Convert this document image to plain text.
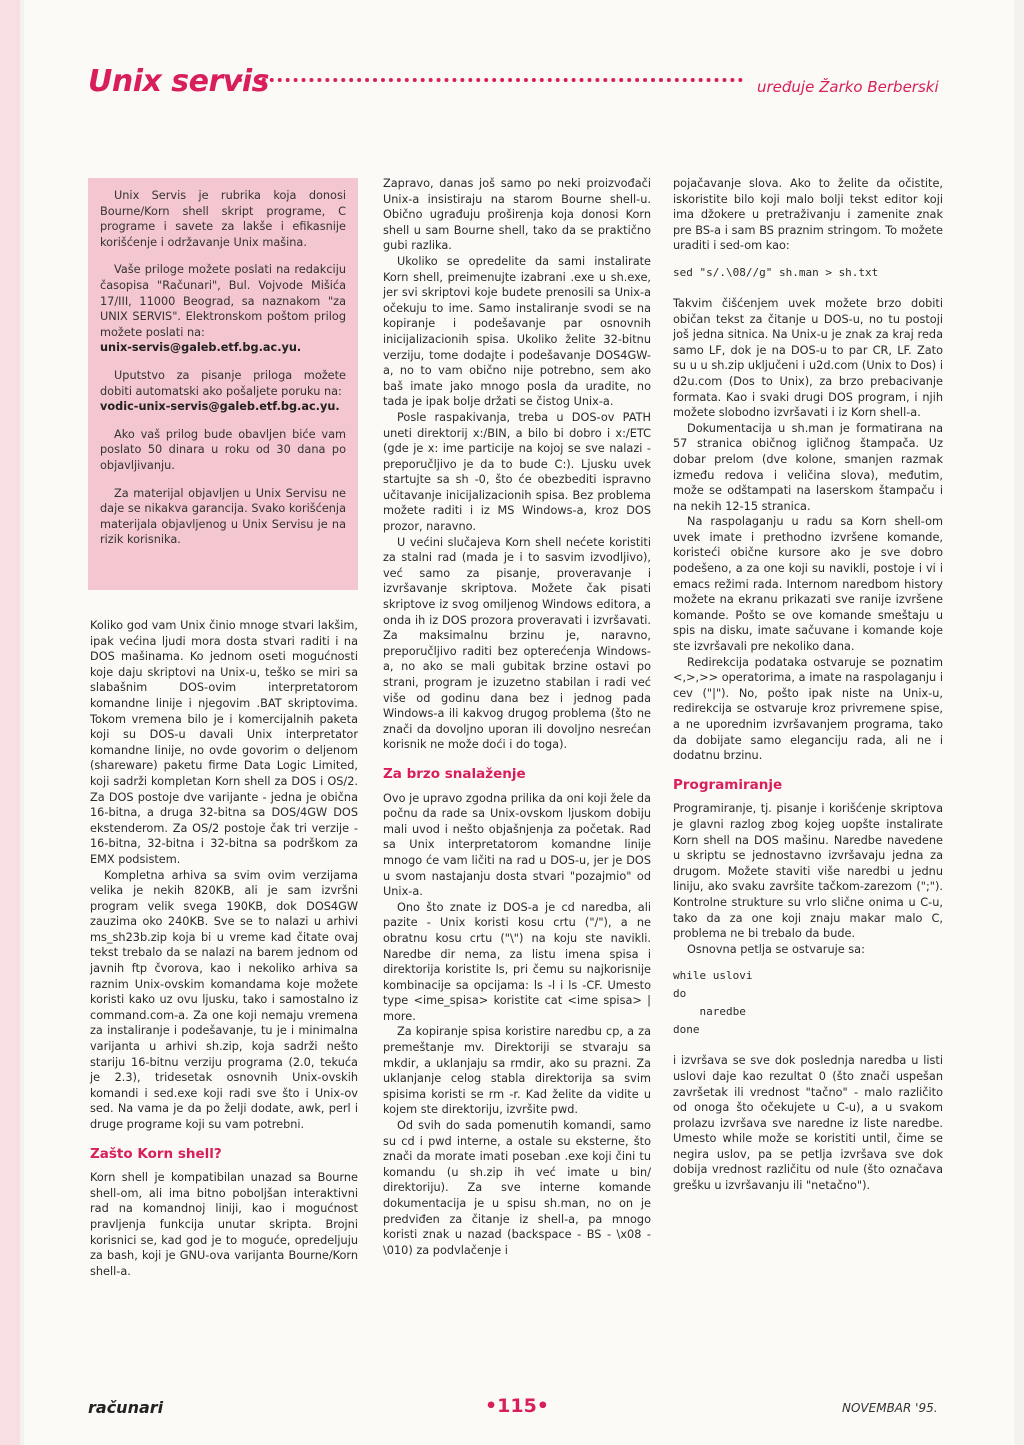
Unix servis	uređuje Žarko Berberski

Unix Servis je rubrika koja donosi Bourne/Korn shell skript programe, C programe i savete za lakše i efikasnije korišćenje i održavanje Unix mašina.

Vaše priloge možete poslati na redakciju časopisa "Računari", Bul. Vojvode Mišića 17/III, 11000 Beograd, sa naznakom "za UNIX SERVIS". Elektronskom poštom prilog možete poslati na:

unix-servis@galeb.etf.bg.ac.yu.

Uputstvo za pisanje priloga možete dobiti automatski ako pošaljete poruku na:

vodic-unix-servis@galeb.etf.bg.ac.yu.

Ako vaš prilog bude obavljen biće vam poslato 50 dinara u roku od 30 dana po objavljivanju.

Za materijal objavljen u Unix Servisu ne daje se nikakva garancija. Svako korišćenja materijala objavljenog u Unix Servisu je na rizik korisnika.

Koliko god vam Unix činio mnoge stvari lakšim, ipak većina ljudi mora dosta stvari raditi i na DOS mašinama. Ko jednom oseti mogućnosti koje daju skriptovi na Unix-u, teško se miri sa slabašnim DOS-ovim interpretatorom komandne linije i njegovim .BAT skriptovima. Tokom vremena bilo je i komercijalnih paketa koji su DOS-u davali Unix interpretator komandne linije, no ovde govorim o deljenom (shareware) paketu firme Data Logic Limited, koji sadrži kompletan Korn shell za DOS i OS/2. Za DOS postoje dve varijante - jedna je obična 16-bitna, a druga 32-bitna sa DOS/4GW DOS ekstenderom. Za OS/2 postoje čak tri verzije - 16-bitna, 32-bitna i 32-bitna sa podrškom za EMX podsistem.

Kompletna arhiva sa svim ovim verzijama velika je nekih 820KB, ali je sam izvršni program velik svega 190KB, dok DOS4GW zauzima oko 240KB. Sve se to nalazi u arhivi ms_sh23b.zip koja bi u vreme kad čitate ovaj tekst trebalo da se nalazi na barem jednom od javnih ftp čvorova, kao i nekoliko arhiva sa raznim Unix-ovskim komandama koje možete koristi kako uz ovu ljusku, tako i samostalno iz command.com-a. Za one koji nemaju vremena za instaliranje i podešavanje, tu je i minimalna varijanta u arhivi sh.zip, koja sadrži nešto stariju 16-bitnu verziju programa (2.0, tekuća je 2.3), tridesetak osnovnih Unix-ovskih komandi i sed.exe koji radi sve što i Unix-ov sed. Na vama je da po želji dodate, awk, perl i druge programe koji su vam potrebni.

Zašto Korn shell?

Korn shell je kompatibilan unazad sa Bourne shell-om, ali ima bitno poboljšan interaktivni rad na komandnoj liniji, kao i mogućnost pravljenja funkcija unutar skripta. Brojni korisnici se, kad god je to moguće, opredeljuju za bash, koji je GNU-ova varijanta Bourne/Korn shell-a.

Zapravo, danas još samo po neki proizvođači Unix-a insistiraju na starom Bourne shell-u. Obično ugrađuju proširenja koja donosi Korn shell u sam Bourne shell, tako da se praktično gubi razlika.

Ukoliko se opredelite da sami instalirate Korn shell, preimenujte izabrani .exe u sh.exe, jer svi skriptovi koje budete prenosili sa Unix-a očekuju to ime. Samo instaliranje svodi se na kopiranje i podešavanje par osnovnih inicijalizacionih spisa. Ukoliko želite 32-bitnu verziju, tome dodajte i podešavanje DOS4GW-a, no to vam obično nije potrebno, sem ako baš imate jako mnogo posla da uradite, no tada je ipak bolje držati se čistog Unix-a.

Posle raspakivanja, treba u DOS-ov PATH uneti direktorij x:/BIN, a bilo bi dobro i x:/ETC (gde je x: ime particije na kojoj se sve nalazi - preporučljivo je da to bude C:). Ljusku uvek startujte sa sh -0, što će obezbediti ispravno učitavanje inicijalizacionih spisa. Bez problema možete raditi i iz MS Windows-a, kroz DOS prozor, naravno.

U većini slučajeva Korn shell nećete koristiti za stalni rad (mada je i to sasvim izvodljivo), već samo za pisanje, proveravanje i izvršavanje skriptova. Možete čak pisati skriptove iz svog omiljenog Windows editora, a onda ih iz DOS prozora proveravati i izvršavati. Za maksimalnu brzinu je, naravno, preporučljivo raditi bez opterećenja Windows-a, no ako se mali gubitak brzine ostavi po strani, program je izuzetno stabilan i radi već više od godinu dana bez i jednog pada Windows-a ili kakvog drugog problema (što ne znači da dovoljno uporan ili dovoljno nesrećan korisnik ne može doći i do toga).

Za brzo snalaženje

Ovo je upravo zgodna prilika da oni koji žele da počnu da rade sa Unix-ovskom ljuskom dobiju mali uvod i nešto objašnjenja za početak. Rad sa Unix interpretatorom komandne linije mnogo će vam ličiti na rad u DOS-u, jer je DOS u svom nastajanju dosta stvari "pozajmio" od Unix-a.

Ono što znate iz DOS-a je cd naredba, ali pazite - Unix koristi kosu crtu ("/"), a ne obratnu kosu crtu ("\") na koju ste navikli. Naredbe dir nema, za listu imena spisa i direktorija koristite ls, pri čemu su najkorisnije kombinacije sa opcijama: ls -l i ls -CF. Umesto type <ime_spisa> koristite cat <ime spisa> | more.

Za kopiranje spisa koristire naredbu cp, a za premeštanje mv. Direktoriji se stvaraju sa mkdir, a uklanjaju sa rmdir, ako su prazni. Za uklanjanje celog stabla direktorija sa svim spisima koristi se rm -r. Kad želite da vidite u kojem ste direktoriju, izvršite pwd.

Od svih do sada pomenutih komandi, samo su cd i pwd interne, a ostale su eksterne, što znači da morate imati poseban .exe koji čini tu komandu (u sh.zip ih već imate u bin/ direktoriju). Za sve interne komande dokumentacija je u spisu sh.man, no on je predviđen za čitanje iz shell-a, pa mnogo koristi znak u nazad (backspace - BS - \x08 - \010) za podvlačenje i

pojačavanje slova. Ako to želite da očistite, iskoristite bilo koji malo bolji tekst editor koji ima džokere u pretraživanju i zamenite znak pre BS-a i sam BS praznim stringom. To možete uraditi i sed-om kao:

sed "s/.\08//g" sh.man > sh.txt

Takvim čišćenjem uvek možete brzo dobiti običan tekst za čitanje u DOS-u, no tu postoji još jedna sitnica. Na Unix-u je znak za kraj reda samo LF, dok je na DOS-u to par CR, LF. Zato su u u sh.zip uključeni i u2d.com (Unix to Dos) i d2u.com (Dos to Unix), za brzo prebacivanje formata. Kao i svaki drugi DOS program, i njih možete slobodno izvršavati i iz Korn shell-a.

Dokumentacija u sh.man je formatirana na 57 stranica običnog igličnog štampača. Uz dobar prelom (dve kolone, smanjen razmak između redova i veličina slova), međutim, može se odštampati na laserskom štampaču i na nekih 12-15 stranica.

Na raspolaganju u radu sa Korn shell-om uvek imate i prethodno izvršene komande, koristeći obične kursore ako je sve dobro podešeno, a za one koji su navikli, postoje i vi i emacs režimi rada. Internom naredbom history možete na ekranu prikazati sve ranije izvršene komande. Pošto se ove komande smeštaju u spis na disku, imate sačuvane i komande koje ste izvršavali pre nekoliko dana.

Redirekcija podataka ostvaruje se poznatim <,>,>> operatorima, a imate na raspolaganju i cev ("|"). No, pošto ipak niste na Unix-u, redirekcija se ostvaruje kroz privremene spise, a ne uporednim izvršavanjem programa, tako da dobijate samo eleganciju rada, ali ne i dodatnu brzinu.

Programiranje

Programiranje, tj. pisanje i korišćenje skriptova je glavni razlog zbog kojeg uopšte instalirate Korn shell na DOS mašinu. Naredbe navedene u skriptu se jednostavno izvršavaju jedna za drugom. Možete staviti više naredbi u jednu liniju, ako svaku završite tačkom-zarezom (";"). Kontrolne strukture su vrlo slične onima u C-u, tako da za one koji znaju makar malo C, problema ne bi trebalo da bude.

Osnovna petlja se ostvaruje sa:

while uslovi
do
naredbe
done

i izvršava se sve dok poslednja naredba u listi uslovi daje kao rezultat 0 (što znači uspešan završetak ili vrednost "tačno" - malo različito od onoga što očekujete u C-u), a u svakom prolazu izvršava sve naredne iz liste naredbe. Umesto while može se koristiti until, čime se negira uslov, pa se petlja izvršava sve dok dobija vrednost različitu od nule (što označava grešku u izvršavanju ili "netačno").

računari	•115•	NOVEMBAR '95.
